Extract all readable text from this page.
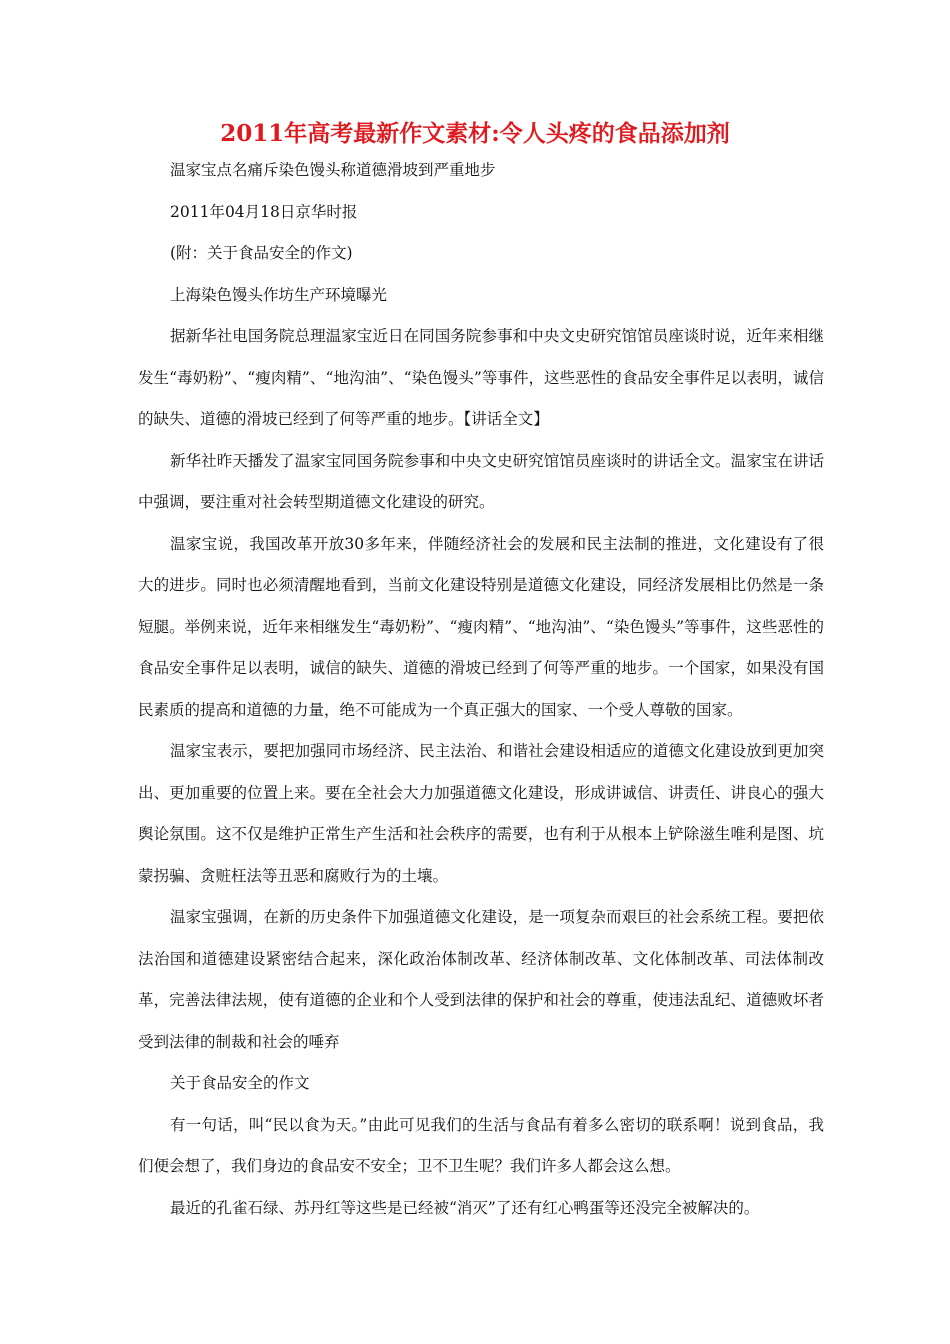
2011年高考最新作文素材:令人头疼的食品添加剂

温家宝点名痛斥染色馒头称道德滑坡到严重地步

2011年04月18日京华时报

(附：关于食品安全的作文)

上海染色馒头作坊生产环境曝光

据新华社电国务院总理温家宝近日在同国务院参事和中央文史研究馆馆员座谈时说，近年来相继发生“毒奶粉”、“瘦肉精”、“地沟油”、“染色馒头”等事件，这些恶性的食品安全事件足以表明，诚信的缺失、道德的滑坡已经到了何等严重的地步。【讲话全文】

新华社昨天播发了温家宝同国务院参事和中央文史研究馆馆员座谈时的讲话全文。温家宝在讲话中强调，要注重对社会转型期道德文化建设的研究。

温家宝说，我国改革开放30多年来，伴随经济社会的发展和民主法制的推进，文化建设有了很大的进步。同时也必须清醒地看到，当前文化建设特别是道德文化建设，同经济发展相比仍然是一条短腿。举例来说，近年来相继发生“毒奶粉”、“瘦肉精”、“地沟油”、“染色馒头”等事件，这些恶性的食品安全事件足以表明，诚信的缺失、道德的滑坡已经到了何等严重的地步。一个国家，如果没有国民素质的提高和道德的力量，绝不可能成为一个真正强大的国家、一个受人尊敬的国家。

温家宝表示，要把加强同市场经济、民主法治、和谐社会建设相适应的道德文化建设放到更加突出、更加重要的位置上来。要在全社会大力加强道德文化建设，形成讲诚信、讲责任、讲良心的强大舆论氛围。这不仅是维护正常生产生活和社会秩序的需要，也有利于从根本上铲除滋生唯利是图、坑蒙拐骗、贪赃枉法等丑恶和腐败行为的土壤。

温家宝强调，在新的历史条件下加强道德文化建设，是一项复杂而艰巨的社会系统工程。要把依法治国和道德建设紧密结合起来，深化政治体制改革、经济体制改革、文化体制改革、司法体制改革，完善法律法规，使有道德的企业和个人受到法律的保护和社会的尊重，使违法乱纪、道德败坏者受到法律的制裁和社会的唾弃

关于食品安全的作文

有一句话，叫“民以食为天。”由此可见我们的生活与食品有着多么密切的联系啊！说到食品，我们便会想了，我们身边的食品安不安全；卫不卫生呢？我们许多人都会这么想。

最近的孔雀石绿、苏丹红等这些是已经被“消灭”了还有红心鸭蛋等还没完全被解决的。
